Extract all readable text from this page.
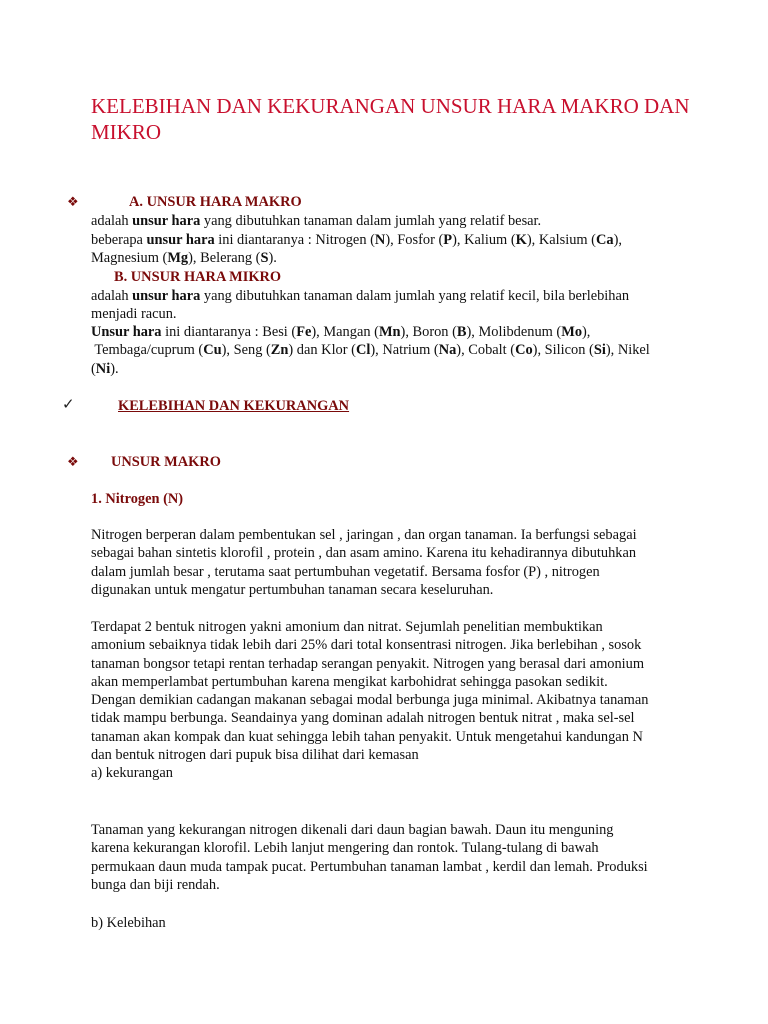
KELEBIHAN DAN KEKURANGAN UNSUR HARA MAKRO DAN MIKRO
❖	A. UNSUR HARA MAKRO

adalah unsur hara yang dibutuhkan tanaman dalam jumlah yang relatif besar.

beberapa unsur hara ini diantaranya : Nitrogen (N), Fosfor (P), Kalium (K), Kalsium (Ca),
Magnesium (Mg), Belerang (S).

B. UNSUR HARA MIKRO

adalah unsur hara yang dibutuhkan tanaman dalam jumlah yang relatif kecil, bila berlebihan
menjadi racun.

Unsur hara ini diantaranya : Besi (Fe), Mangan (Mn), Boron (B), Molibdenum (Mo),
Tembaga/cuprum (Cu), Seng (Zn) dan Klor (Cl), Natrium (Na), Cobalt (Co), Silicon (Si), Nikel
(Ni).

✓	KELEBIHAN DAN KEKURANGAN

❖ UNSUR MAKRO

1. Nitrogen (N)

Nitrogen berperan dalam pembentukan sel , jaringan , dan organ tanaman. Ia berfungsi sebagai
sebagai bahan sintetis klorofil , protein , dan asam amino. Karena itu kehadirannya dibutuhkan
dalam jumlah besar , terutama saat pertumbuhan vegetatif. Bersama fosfor (P) , nitrogen
digunakan untuk mengatur pertumbuhan tanaman secara keseluruhan.
Terdapat 2 bentuk nitrogen yakni amonium dan nitrat. Sejumlah penelitian membuktikan
amonium sebaiknya tidak lebih dari 25% dari total konsentrasi nitrogen. Jika berlebihan , sosok
tanaman bongsor tetapi rentan terhadap serangan penyakit. Nitrogen yang berasal dari amonium
akan memperlambat pertumbuhan karena mengikat karbohidrat sehingga pasokan sedikit.
Dengan demikian cadangan makanan sebagai modal berbunga juga minimal. Akibatnya tanaman
tidak mampu berbunga. Seandainya yang dominan adalah nitrogen bentuk nitrat , maka sel-sel
tanaman akan kompak dan kuat sehingga lebih tahan penyakit. Untuk mengetahui kandungan N
dan bentuk nitrogen dari pupuk bisa dilihat dari kemasan
a) kekurangan
Tanaman yang kekurangan nitrogen dikenali dari daun bagian bawah. Daun itu menguning
karena kekurangan klorofil. Lebih lanjut mengering dan rontok. Tulang-tulang di bawah
permukaan daun muda tampak pucat. Pertumbuhan tanaman lambat , kerdil dan lemah. Produksi
bunga dan biji rendah.

b) Kelebihan
